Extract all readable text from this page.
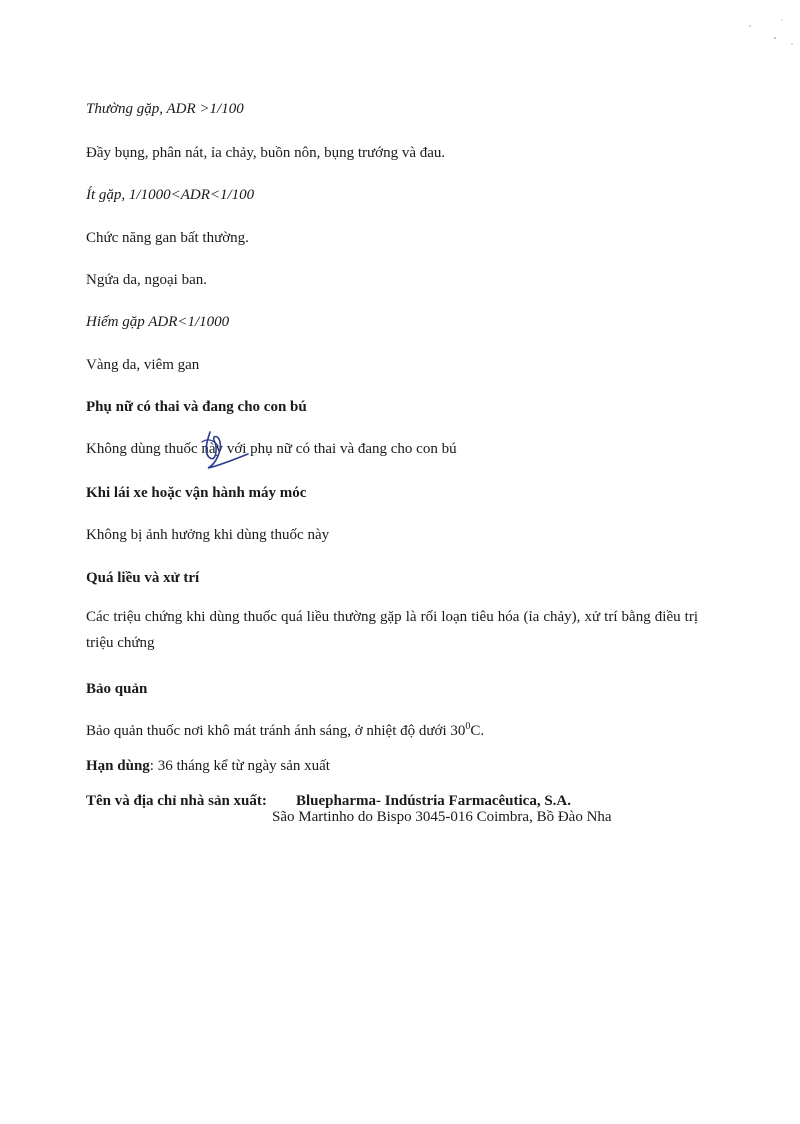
Thường gặp, ADR >1/100
Đầy bụng, phân nát, ỉa chảy, buồn nôn, bụng trướng và đau.
Ít gặp, 1/1000<ADR<1/100
Chức năng gan bất thường.
Ngứa da, ngoại ban.
Hiếm gặp ADR<1/1000
Vàng da, viêm gan
Phụ nữ có thai và đang cho con bú
Không dùng thuốc này với phụ nữ có thai và đang cho con bú
Khi lái xe hoặc vận hành máy móc
Không bị ảnh hưởng khi dùng thuốc này
Quá liều và xử trí
Các triệu chứng khi dùng thuốc quá liều thường gặp là rối loạn tiêu hóa (ỉa chảy), xử trí bằng điều trị triệu chứng
Bảo quản
Bảo quản thuốc nơi khô mát tránh ánh sáng, ở nhiệt độ dưới $30^0C$.
Hạn dùng: 36 tháng kể từ ngày sản xuất
Tên và địa chỉ nhà sản xuất: Bluepharma- Indústria Farmacêutica, S.A.
São Martinho do Bispo 3045-016 Coimbra, Bồ Đào Nha
